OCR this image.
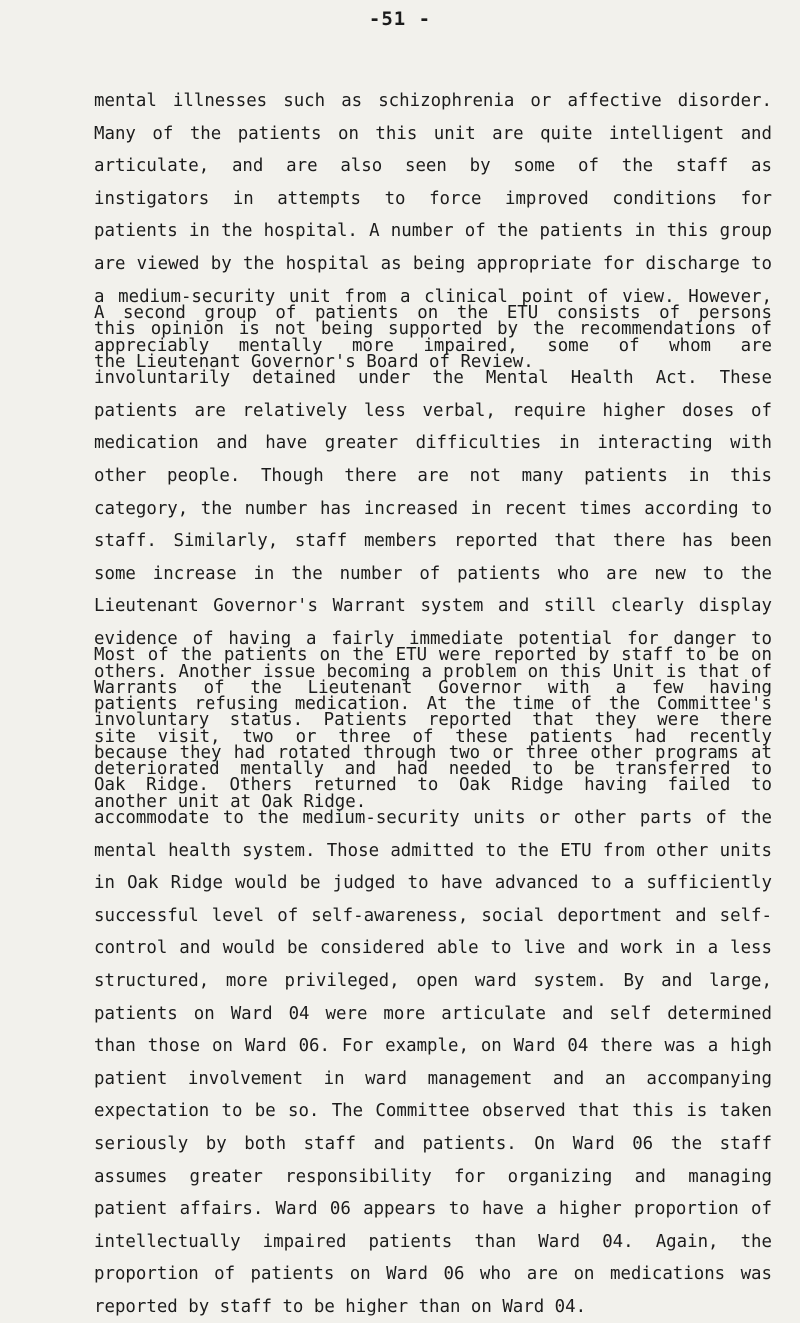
-51 -

mental illnesses such as schizophrenia or affective disorder. Many of the patients on this unit are quite intelligent and articulate, and are also seen by some of the staff as instigators in attempts to force improved conditions for patients in the hospital. A number of the patients in this group are viewed by the hospital as being appropriate for discharge to a medium-security unit from a clinical point of view. However, this opinion is not being supported by the recommendations of the Lieutenant Governor's Board of Review.

A second group of patients on the ETU consists of persons appreciably mentally more impaired, some of whom are involuntarily detained under the Mental Health Act. These patients are relatively less verbal, require higher doses of medication and have greater difficulties in interacting with other people. Though there are not many patients in this category, the number has increased in recent times according to staff. Similarly, staff members reported that there has been some increase in the number of patients who are new to the Lieutenant Governor's Warrant system and still clearly display evidence of having a fairly immediate potential for danger to others. Another issue becoming a problem on this Unit is that of patients refusing medication. At the time of the Committee's site visit, two or three of these patients had recently deteriorated mentally and had needed to be transferred to another unit at Oak Ridge.

Most of the patients on the ETU were reported by staff to be on Warrants of the Lieutenant Governor with a few having involuntary status. Patients reported that they were there because they had rotated through two or three other programs at Oak Ridge. Others returned to Oak Ridge having failed to accommodate to the medium-security units or other parts of the mental health system. Those admitted to the ETU from other units in Oak Ridge would be judged to have advanced to a sufficiently successful level of self-awareness, social deportment and self-control and would be considered able to live and work in a less structured, more privileged, open ward system. By and large, patients on Ward 04 were more articulate and self determined than those on Ward 06. For example, on Ward 04 there was a high patient involvement in ward management and an accompanying expectation to be so. The Committee observed that this is taken seriously by both staff and patients. On Ward 06 the staff assumes greater responsibility for organizing and managing patient affairs. Ward 06 appears to have a higher proportion of intellectually impaired patients than Ward 04. Again, the proportion of patients on Ward 06 who are on medications was reported by staff to be higher than on Ward 04.
